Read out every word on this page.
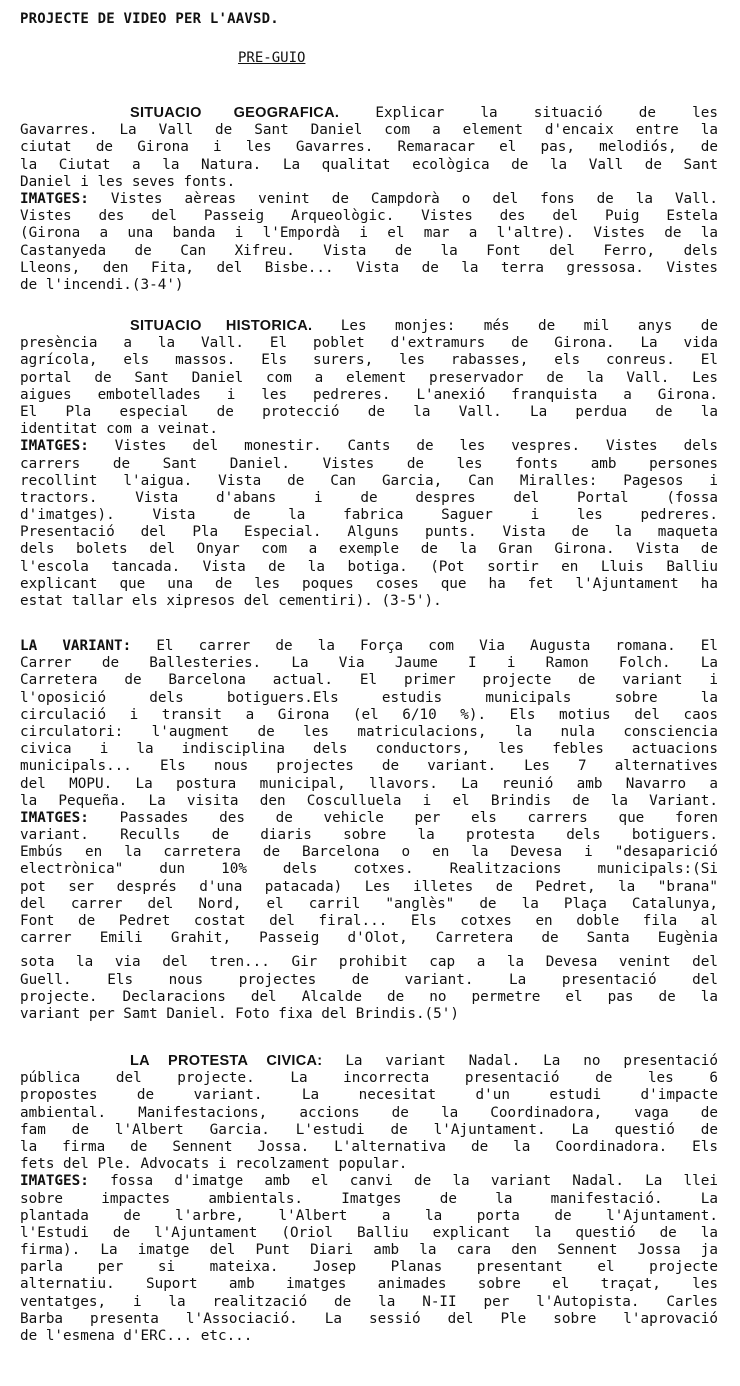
PROJECTE DE VIDEO PER L'AAVSD.
PRE-GUIO
SITUACIO GEOGRAFICA.	Explicar la situació de les
Gavarres. La Vall de Sant Daniel com a element d'encaix entre la
ciutat de Girona i les Gavarres. Remaracar el pas, melodiós, de
la Ciutat a la Natura. La qualitat ecològica de la Vall de Sant
Daniel i les seves fonts.
IMATGES: Vistes aèreas venint de Campdorà o del fons de la Vall.
Vistes des del Passeig Arqueològic. Vistes des del Puig Estela
(Girona a una banda i l'Empordà i el mar a l'altre). Vistes de la
Castanyeda de Can Xifreu. Vista de la Font del Ferro, dels
Lleons, den Fita, del Bisbe... Vista de la terra gressosa. Vistes
de l'incendi.(3-4')
SITUACIO HISTORICA. Les monjes: més de mil anys de
presència a la Vall. El poblet d'extramurs de Girona. La vida
agrícola, els massos. Els surers, les rabasses, els conreus. El
portal de Sant Daniel com a element preservador de la Vall. Les
aigues embotellades i les pedreres. L'anexió franquista a Girona.
El Pla especial de protecció de la Vall. La perdua de la
identitat com a veinat.
IMATGES: Vistes del monestir. Cants de les vespres. Vistes dels
carrers de Sant Daniel. Vistes de les fonts amb persones
recollint l'aigua. Vista de Can Garcia, Can Miralles: Pagesos i
tractors. Vista d'abans i de despres del Portal (fossa
d'imatges). Vista de la fabrica Saguer i les pedreres.
Presentació del Pla Especial. Alguns punts. Vista de la maqueta
dels bolets del Onyar com a exemple de la Gran Girona. Vista de
l'escola tancada. Vista de la botiga. (Pot sortir en Lluis Balliu
explicant que una de les poques coses que ha fet l'Ajuntament ha
estat tallar els xipresos del cementiri). (3-5').
LA VARIANT: El carrer de la Força com Via Augusta romana. El
Carrer de Ballesteries. La Via Jaume I i Ramon Folch. La
Carretera de Barcelona actual. El primer projecte de variant i
l'oposició dels botiguers.Els estudis municipals sobre la
circulació i transit a Girona (el 6/10 %). Els motius del caos
circulatori: l'augment de les matriculacions, la nula consciencia
civica i la indisciplina dels conductors, les febles actuacions
municipals... Els nous projectes de variant. Les 7 alternatives
del MOPU. La postura municipal, llavors. La reunió amb Navarro a
la Pequeña. La visita den Cosculluela i el Brindis de la Variant.
IMATGES: Passades des de vehicle per els carrers que foren
variant. Reculls de diaris sobre la protesta dels botiguers.
Embús en la carretera de Barcelona o en la Devesa i "desaparició
electrònica" dun 10% dels cotxes. Realitzacions municipals:(Si
pot ser després d'una patacada) Les illetes de Pedret, la "brana"
del carrer del Nord, el carril "anglès" de la Plaça Catalunya,
Font de Pedret costat del firal... Els cotxes en doble fila al
carrer Emili Grahit, Passeig d'Olot, Carretera de Santa Eugènia
sota la via del tren... Gir prohibit cap a la Devesa venint del
Guell. Els nous projectes de variant. La presentació del
projecte. Declaracions del Alcalde de no permetre el pas de la
variant per Samt Daniel. Foto fixa del Brindis.(5')
LA PROTESTA CIVICA: La variant Nadal. La no presentació
pública del projecte. La incorrecta presentació de les 6
propostes de variant. La necesitat d'un estudi d'impacte
ambiental. Manifestacions, accions de la Coordinadora, vaga de
fam de l'Albert Garcia. L'estudi de l'Ajuntament. La questió de
la firma de Sennent Jossa. L'alternativa de la Coordinadora. Els
fets del Ple. Advocats i recolzament popular.
IMATGES: fossa d'imatge amb el canvi de la variant Nadal. La llei
sobre impactes ambientals. Imatges de la manifestació. La
plantada de l'arbre, l'Albert a la porta de l'Ajuntament.
l'Estudi de l'Ajuntament (Oriol Balliu explicant la questió de la
firma). La imatge del Punt Diari amb la cara den Sennent Jossa ja
parla per si mateixa. Josep Planas presentant el projecte
alternatiu. Suport amb imatges animades sobre el traçat, les
ventatges, i la realització de la N-II per l'Autopista. Carles
Barba presenta l'Associació. La sessió del Ple sobre l'aprovació
de l'esmena d'ERC... etc...
